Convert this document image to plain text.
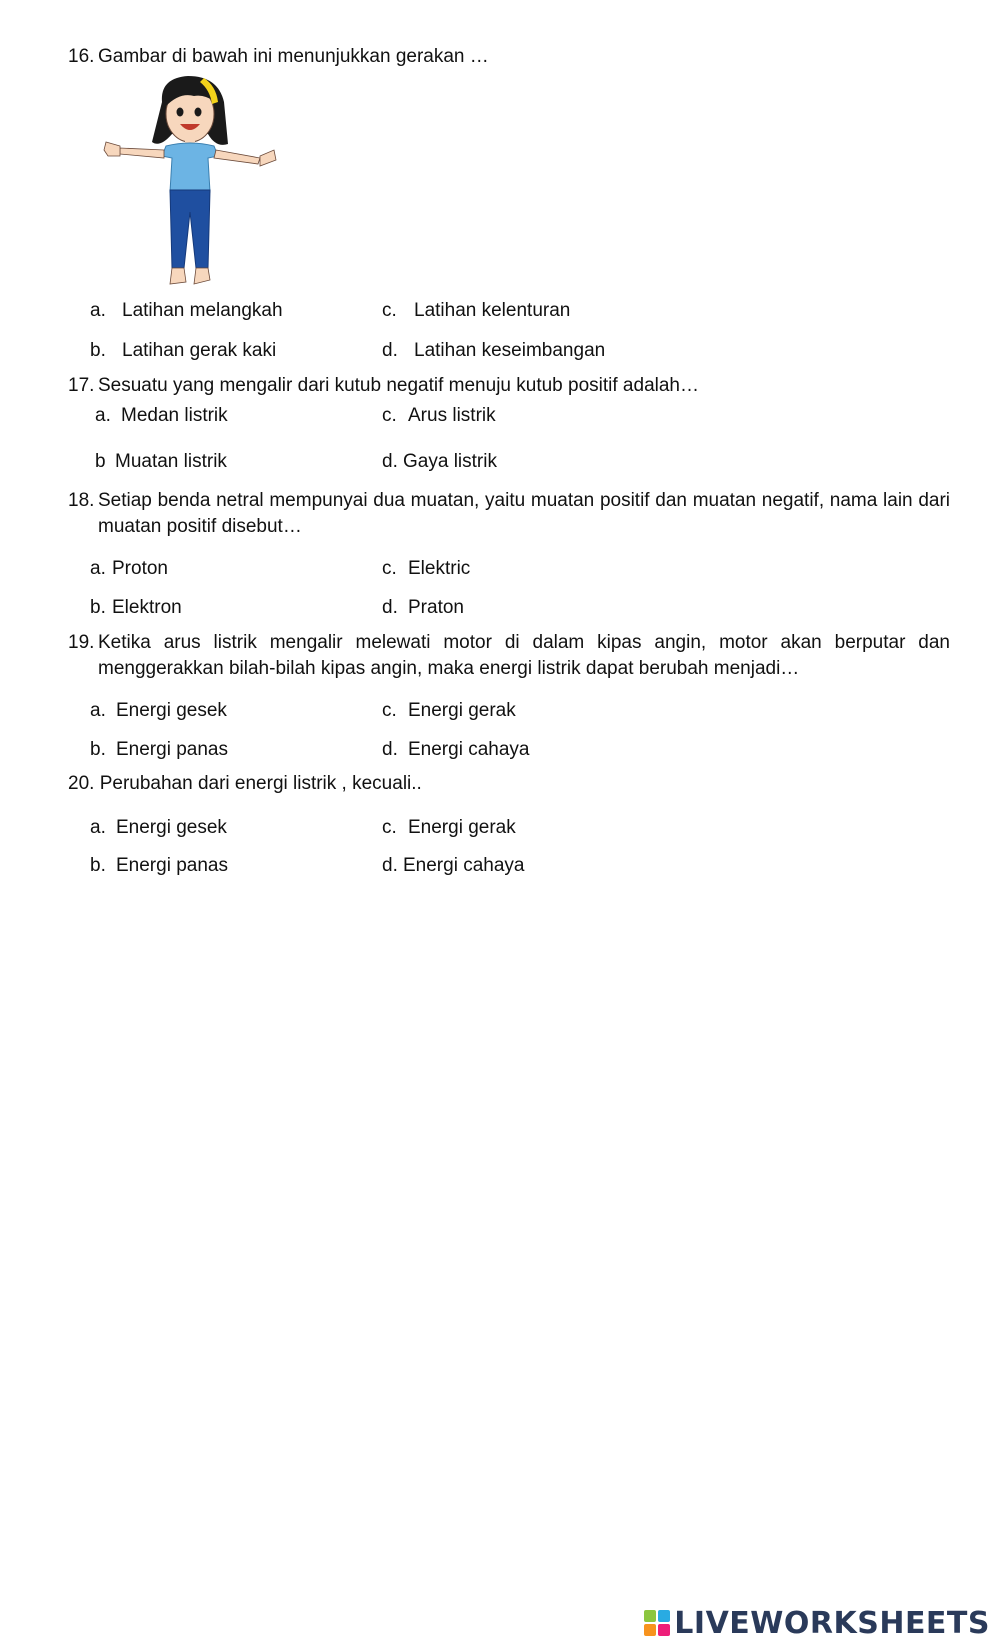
16. Gambar di bawah ini menunjukkan gerakan …
a. Latihan melangkah
b. Latihan gerak kaki
c. Latihan kelenturan
d. Latihan keseimbangan
17. Sesuatu yang mengalir dari kutub negatif menuju kutub positif adalah…
a. Medan listrik
b Muatan listrik
c. Arus listrik
d. Gaya listrik
18. Setiap benda netral mempunyai dua muatan, yaitu muatan positif dan muatan negatif, nama lain dari muatan positif disebut…
a. Proton
b. Elektron
c. Elektric
d. Praton
19. Ketika arus listrik mengalir melewati motor di dalam kipas angin, motor akan berputar dan menggerakkan bilah-bilah kipas angin, maka energi listrik dapat berubah menjadi…
a. Energi gesek
b. Energi panas
c. Energi gerak
d. Energi cahaya
20. Perubahan dari energi listrik , kecuali..
a. Energi gesek
b. Energi panas
c. Energi gerak
d. Energi cahaya
LIVEWORKSHEETS
